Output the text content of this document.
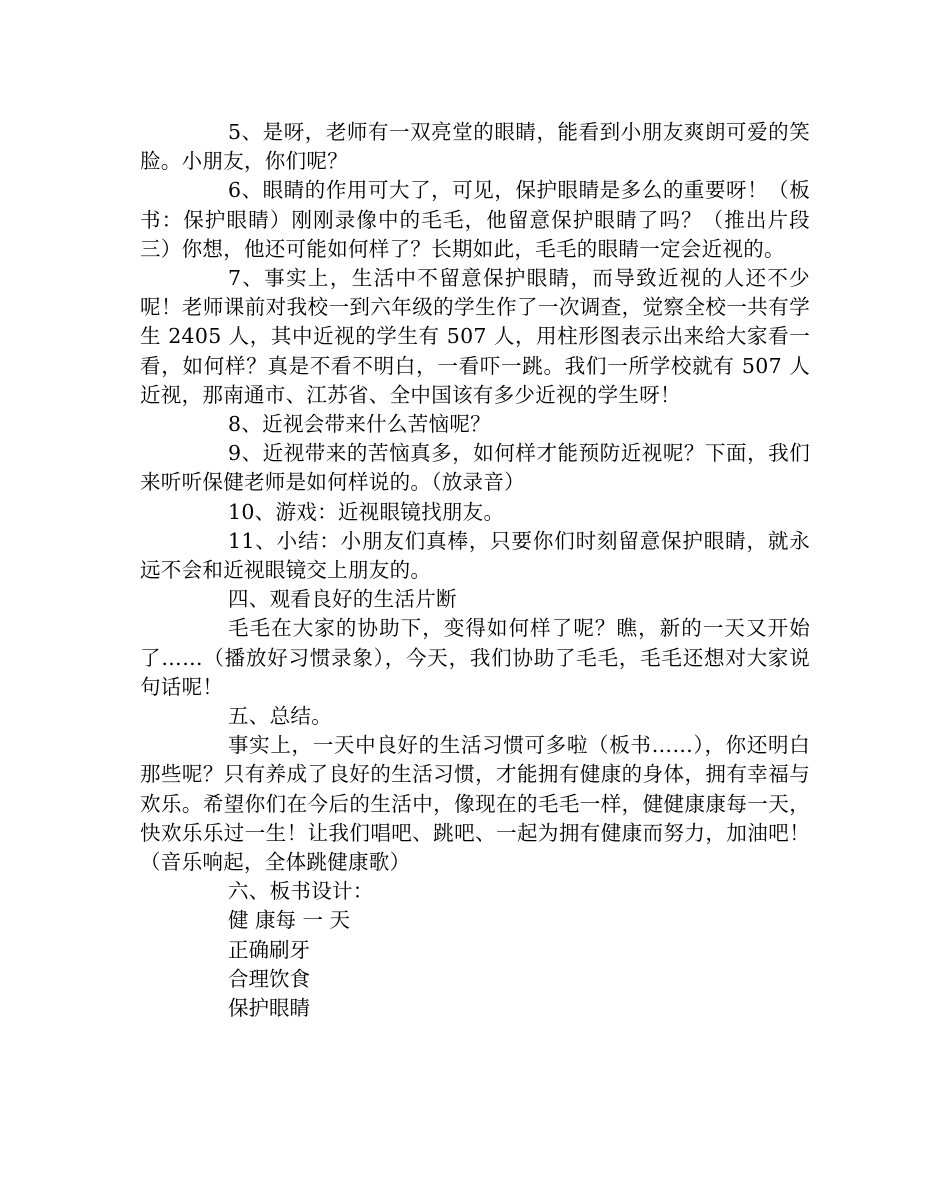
5、是呀，老师有一双亮堂的眼睛，能看到小朋友爽朗可爱的笑脸。小朋友，你们呢？

6、眼睛的作用可大了，可见，保护眼睛是多么的重要呀！（板书：保护眼睛）刚刚录像中的毛毛，他留意保护眼睛了吗？（推出片段三）你想，他还可能如何样了？长期如此，毛毛的眼睛一定会近视的。

7、事实上，生活中不留意保护眼睛，而导致近视的人还不少呢！老师课前对我校一到六年级的学生作了一次调查，觉察全校一共有学生 2405 人，其中近视的学生有 507 人，用柱形图表示出来给大家看一看，如何样？真是不看不明白，一看吓一跳。我们一所学校就有 507 人近视，那南通市、江苏省、全中国该有多少近视的学生呀！

8、近视会带来什么苦恼呢？

9、近视带来的苦恼真多，如何样才能预防近视呢？下面，我们来听听保健老师是如何样说的。（放录音）

10、游戏：近视眼镜找朋友。

11、小结：小朋友们真棒，只要你们时刻留意保护眼睛，就永远不会和近视眼镜交上朋友的。

四、观看良好的生活片断

毛毛在大家的协助下，变得如何样了呢？瞧，新的一天又开始了……（播放好习惯录象），今天，我们协助了毛毛，毛毛还想对大家说句话呢！

五、总结。

事实上，一天中良好的生活习惯可多啦（板书……），你还明白那些呢？只有养成了良好的生活习惯，才能拥有健康的身体，拥有幸福与欢乐。希望你们在今后的生活中，像现在的毛毛一样，健健康康每一天，快欢乐乐过一生！让我们唱吧、跳吧、一起为拥有健康而努力，加油吧！（音乐响起，全体跳健康歌）

六、板书设计：

健 康每 一 天

正确刷牙

合理饮食

保护眼睛
